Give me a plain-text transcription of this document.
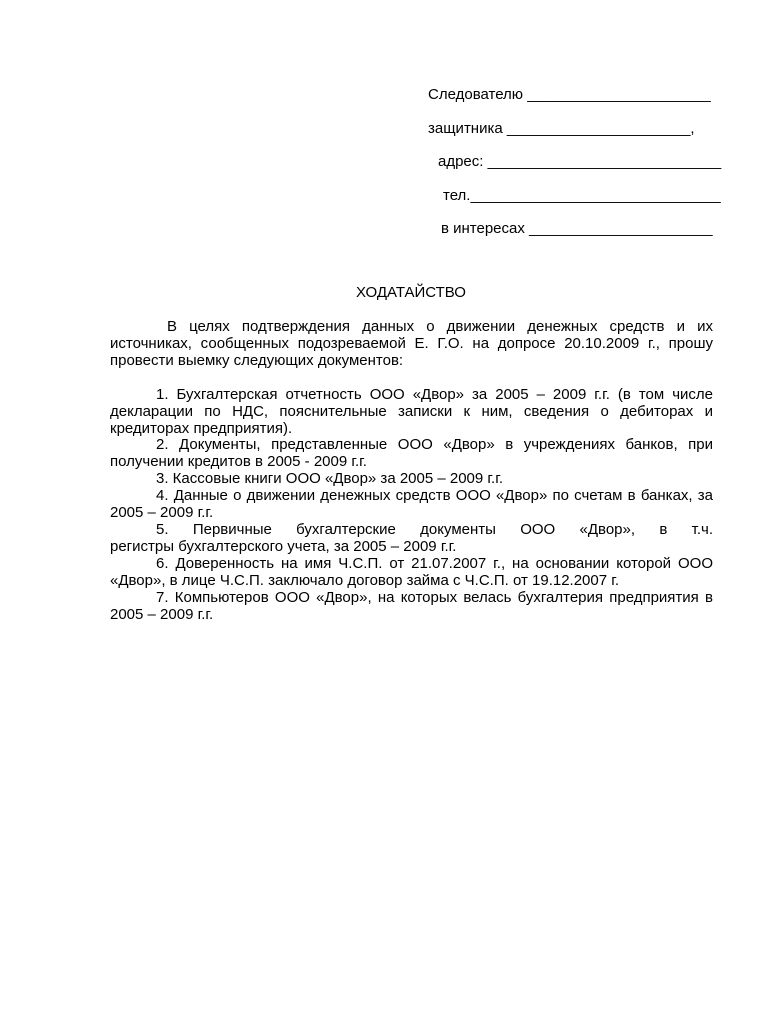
Следователю ______________________
защитника ______________________,
адрес: ____________________________
тел.______________________________
в интересах ______________________
ХОДАТАЙСТВО

В целях подтверждения данных о движении денежных средств и их источниках, сообщенных подозреваемой Е. Г.О. на допросе 20.10.2009 г., прошу провести выемку следующих документов:

1. Бухгалтерская отчетность ООО «Двор» за 2005 – 2009 г.г. (в том числе декларации по НДС, пояснительные записки к ним, сведения о дебиторах и кредиторах предприятия).

2. Документы, представленные ООО «Двор» в учреждениях банков, при получении кредитов в 2005 - 2009 г.г.

3. Кассовые книги ООО «Двор» за 2005 – 2009 г.г.

4. Данные о движении денежных средств ООО «Двор» по счетам в банках, за 2005 – 2009 г.г.

5. Первичные бухгалтерские документы ООО «Двор», в т.ч.

регистры бухгалтерского учета, за 2005 – 2009 г.г.

6. Доверенность на имя Ч.С.П. от 21.07.2007 г., на основании которой ООО «Двор», в лице Ч.С.П. заключало договор займа с Ч.С.П. от 19.12.2007 г.

7. Компьютеров ООО «Двор», на которых велась бухгалтерия предприятия в 2005 – 2009 г.г.
